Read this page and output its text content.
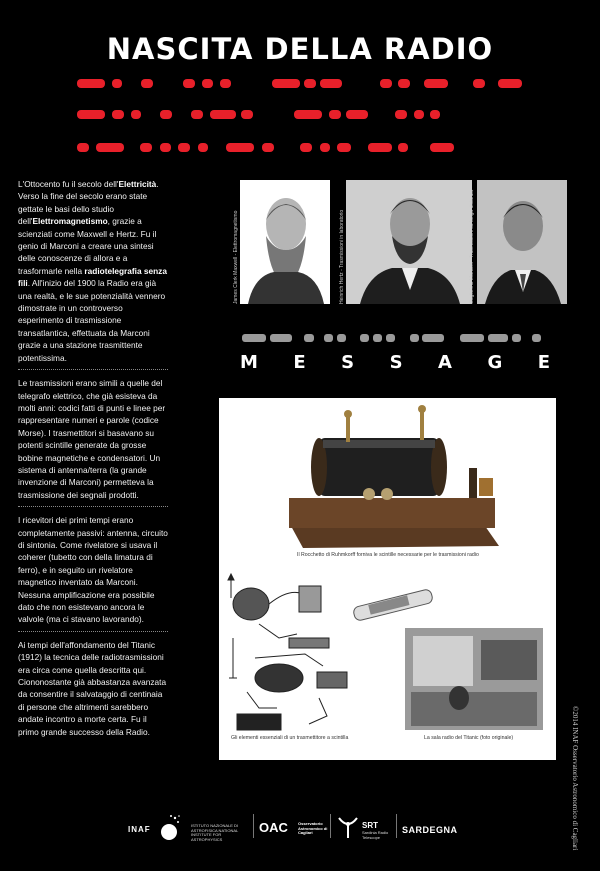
NASCITA DELLA RADIO

L'Ottocento fu il secolo dell'Elettricità. Verso la fine del secolo erano state gettate le basi dello studio dell'Elettromagnetismo, grazie a scienziati come Maxwell e Hertz. Fu il genio di Marconi a creare una sintesi delle conoscenze di allora e a trasformarle nella radiotelegrafia senza fili. All'inizio del 1900 la Radio era già una realtà, e le sue potenzialità vennero dimostrate in un controverso esperimento di trasmissione transatlantica, effettuata da Marconi grazie a una stazione trasmittente potentissima.

Le trasmissioni erano simili a quelle del telegrafo elettrico, che già esisteva da molti anni: codici fatti di punti e linee per rappresentare numeri e parole (codice Morse). I trasmettitori si basavano su potenti scintille generate da grosse bobine magnetiche e condensatori. Un sistema di antenna/terra (la grande invenzione di Marconi) permetteva la trasmissione dei segnali prodotti.

I ricevitori dei primi tempi erano completamente passivi: antenna, circuito di sintonia. Come rivelatore si usava il coherer (tubetto con della limatura di ferro), e in seguito un rivelatore magnetico inventato da Marconi. Nessuna amplificazione era possibile dato che non esistevano ancora le valvole (ma ci stavano lavorando).

Ai tempi dell'affondamento del Titanic (1912) la tecnica delle radiotrasmissioni era circa come quella descritta qui. Ciononostante già abbastanza avanzata da consentire il salvataggio di centinaia di persone che altrimenti sarebbero andate incontro a morte certa. Fu il primo grande successo della Radio.

James Clerk Maxwell - Elettromagnetismo	Heinrich Hertz - Trasmissioni in laboratorio	Guglielmo Marconi - Trasmissioni su lunga distanza
M E S S A G E
Il Rocchetto di Ruhmkorff forniva le scintille necessarie per le trasmissioni radio
Gli elementi essenziali di un trasmettitore a scintilla	La sala radio del Titanic (foto originale)	©2014 INAF Osservatorio Astronomico di Cagliari
INAF	ISTITUTO NAZIONALE DI ASTROFISICA NATIONAL INSTITUTE FOR ASTROPHYSICS
OAC	Osservatorio Astronomico di Cagliari
SRT
Sardinia Radio Telescope
SARDEGNA
